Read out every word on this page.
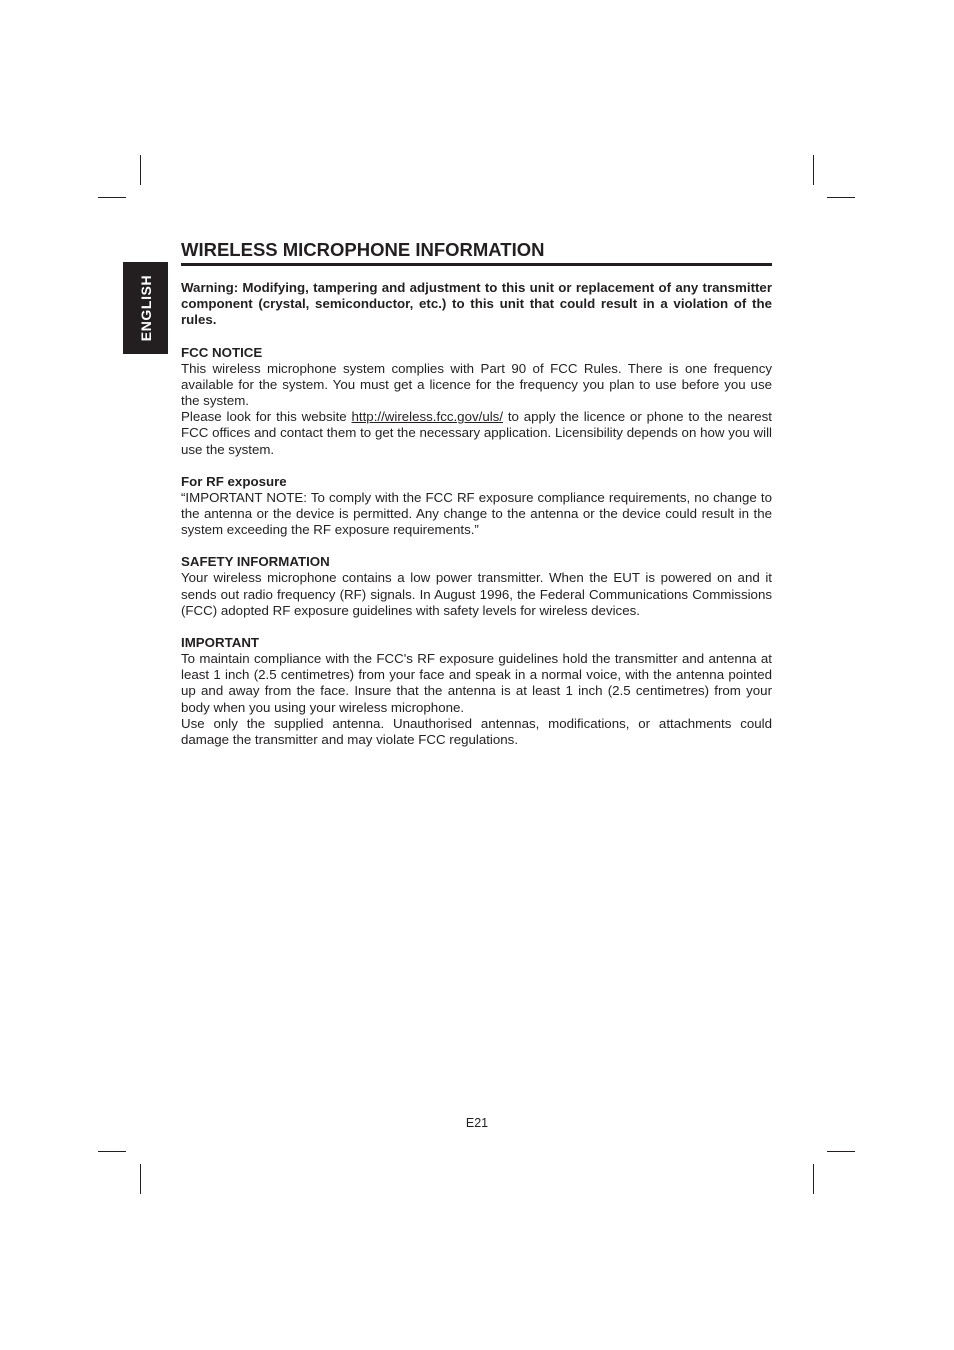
ENGLISH
WIRELESS MICROPHONE INFORMATION

Warning: Modifying, tampering and adjustment to this unit or replacement of any transmitter component (crystal, semiconductor, etc.) to this unit that could result in a violation of the rules.

FCC NOTICE

This wireless microphone system complies with Part 90 of FCC Rules. There is one frequency available for the system. You must get a licence for the frequency you plan to use before you use the system.

Please look for this website http://wireless.fcc.gov/uls/ to apply the licence or phone to the nearest FCC offices and contact them to get the necessary application. Licensibility depends on how you will use the system.

For RF exposure

“IMPORTANT NOTE: To comply with the FCC RF exposure compliance requirements, no change to the antenna or the device is permitted. Any change to the antenna or the device could result in the system exceeding the RF exposure requirements.”

SAFETY INFORMATION

Your wireless microphone contains a low power transmitter. When the EUT is powered on and it sends out radio frequency (RF) signals. In August 1996, the Federal Communications Commissions (FCC) adopted RF exposure guidelines with safety levels for wireless devices.

IMPORTANT

To maintain compliance with the FCC's RF exposure guidelines hold the transmitter and antenna at least 1 inch (2.5 centimetres) from your face and speak in a normal voice, with the antenna pointed up and away from the face. Insure that the antenna is at least 1 inch (2.5 centimetres) from your body when you using your wireless microphone.

Use only the supplied antenna. Unauthorised antennas, modifications, or attachments could damage the transmitter and may violate FCC regulations.

E21
